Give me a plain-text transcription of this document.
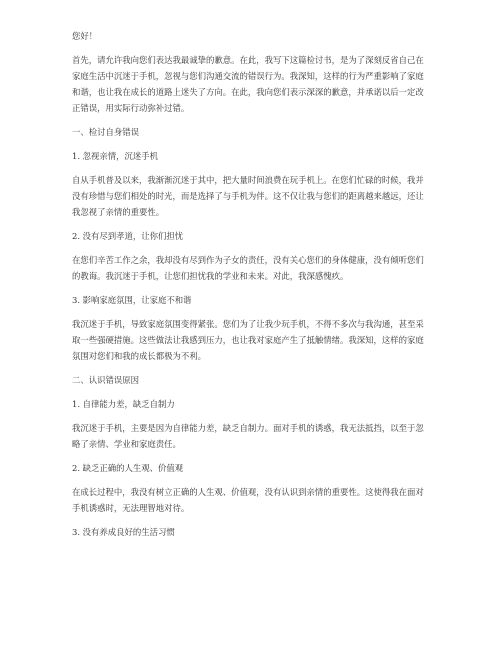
您好！

首先，请允许我向您们表达我最诚挚的歉意。在此，我写下这篇检讨书，是为了深刻反省自己在家庭生活中沉迷于手机，忽视与您们沟通交流的错误行为。我深知，这样的行为严重影响了家庭和谐，也让我在成长的道路上迷失了方向。在此，我向您们表示深深的歉意，并承诺以后一定改正错误，用实际行动弥补过错。

一、检讨自身错误

1. 忽视亲情，沉迷手机

自从手机普及以来，我渐渐沉迷于其中，把大量时间浪费在玩手机上。在您们忙碌的时候，我并没有珍惜与您们相处的时光，而是选择了与手机为伴。这不仅让我与您们的距离越来越远，还让我忽视了亲情的重要性。

2. 没有尽到孝道，让你们担忧

在您们辛苦工作之余，我却没有尽到作为子女的责任，没有关心您们的身体健康，没有倾听您们的教诲。我沉迷于手机，让您们担忧我的学业和未来。对此，我深感愧疚。

3. 影响家庭氛围，让家庭不和谐

我沉迷于手机，导致家庭氛围变得紧张。您们为了让我少玩手机，不得不多次与我沟通，甚至采取一些强硬措施。这些做法让我感到压力，也让我对家庭产生了抵触情绪。我深知，这样的家庭氛围对您们和我的成长都极为不利。

二、认识错误原因

1. 自律能力差，缺乏自制力

我沉迷于手机，主要是因为自律能力差，缺乏自制力。面对手机的诱惑，我无法抵挡，以至于忽略了亲情、学业和家庭责任。

2. 缺乏正确的人生观、价值观

在成长过程中，我没有树立正确的人生观、价值观，没有认识到亲情的重要性。这使得我在面对手机诱惑时，无法理智地对待。

3. 没有养成良好的生活习惯
